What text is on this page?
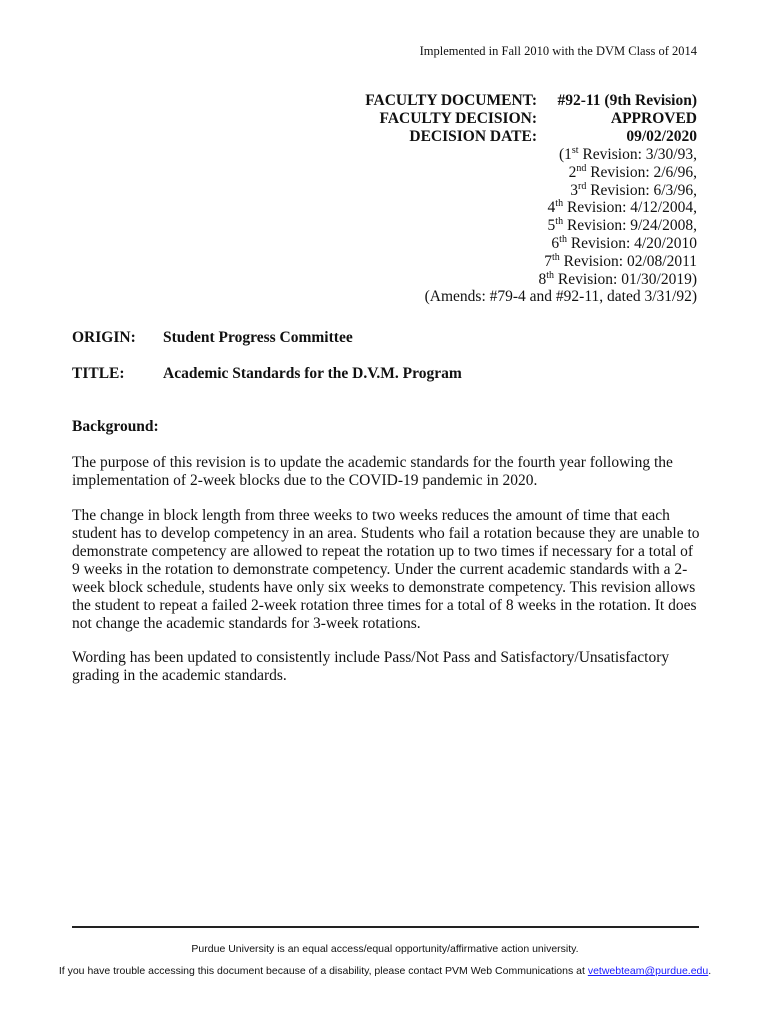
Implemented in Fall 2010 with the DVM Class of 2014
FACULTY DOCUMENT: #92-11 (9th Revision)
FACULTY DECISION:	APPROVED
DECISION DATE:	09/02/2020
(1st Revision: 3/30/93,
2nd Revision: 2/6/96,
3rd Revision: 6/3/96,
4th Revision: 4/12/2004,
5th Revision: 9/24/2008,
6th Revision: 4/20/2010
7th Revision: 02/08/2011
8th Revision: 01/30/2019)
(Amends: #79-4 and #92-11, dated 3/31/92)
ORIGIN: Student Progress Committee
TITLE: Academic Standards for the D.V.M. Program
Background:
The purpose of this revision is to update the academic standards for the fourth year following the implementation of 2-week blocks due to the COVID-19 pandemic in 2020.
The change in block length from three weeks to two weeks reduces the amount of time that each student has to develop competency in an area. Students who fail a rotation because they are unable to demonstrate competency are allowed to repeat the rotation up to two times if necessary for a total of 9 weeks in the rotation to demonstrate competency. Under the current academic standards with a 2-week block schedule, students have only six weeks to demonstrate competency. This revision allows the student to repeat a failed 2-week rotation three times for a total of 8 weeks in the rotation. It does not change the academic standards for 3-week rotations.
Wording has been updated to consistently include Pass/Not Pass and Satisfactory/Unsatisfactory grading in the academic standards.
Purdue University is an equal access/equal opportunity/affirmative action university.
If you have trouble accessing this document because of a disability, please contact PVM Web Communications at vetwebteam@purdue.edu.
